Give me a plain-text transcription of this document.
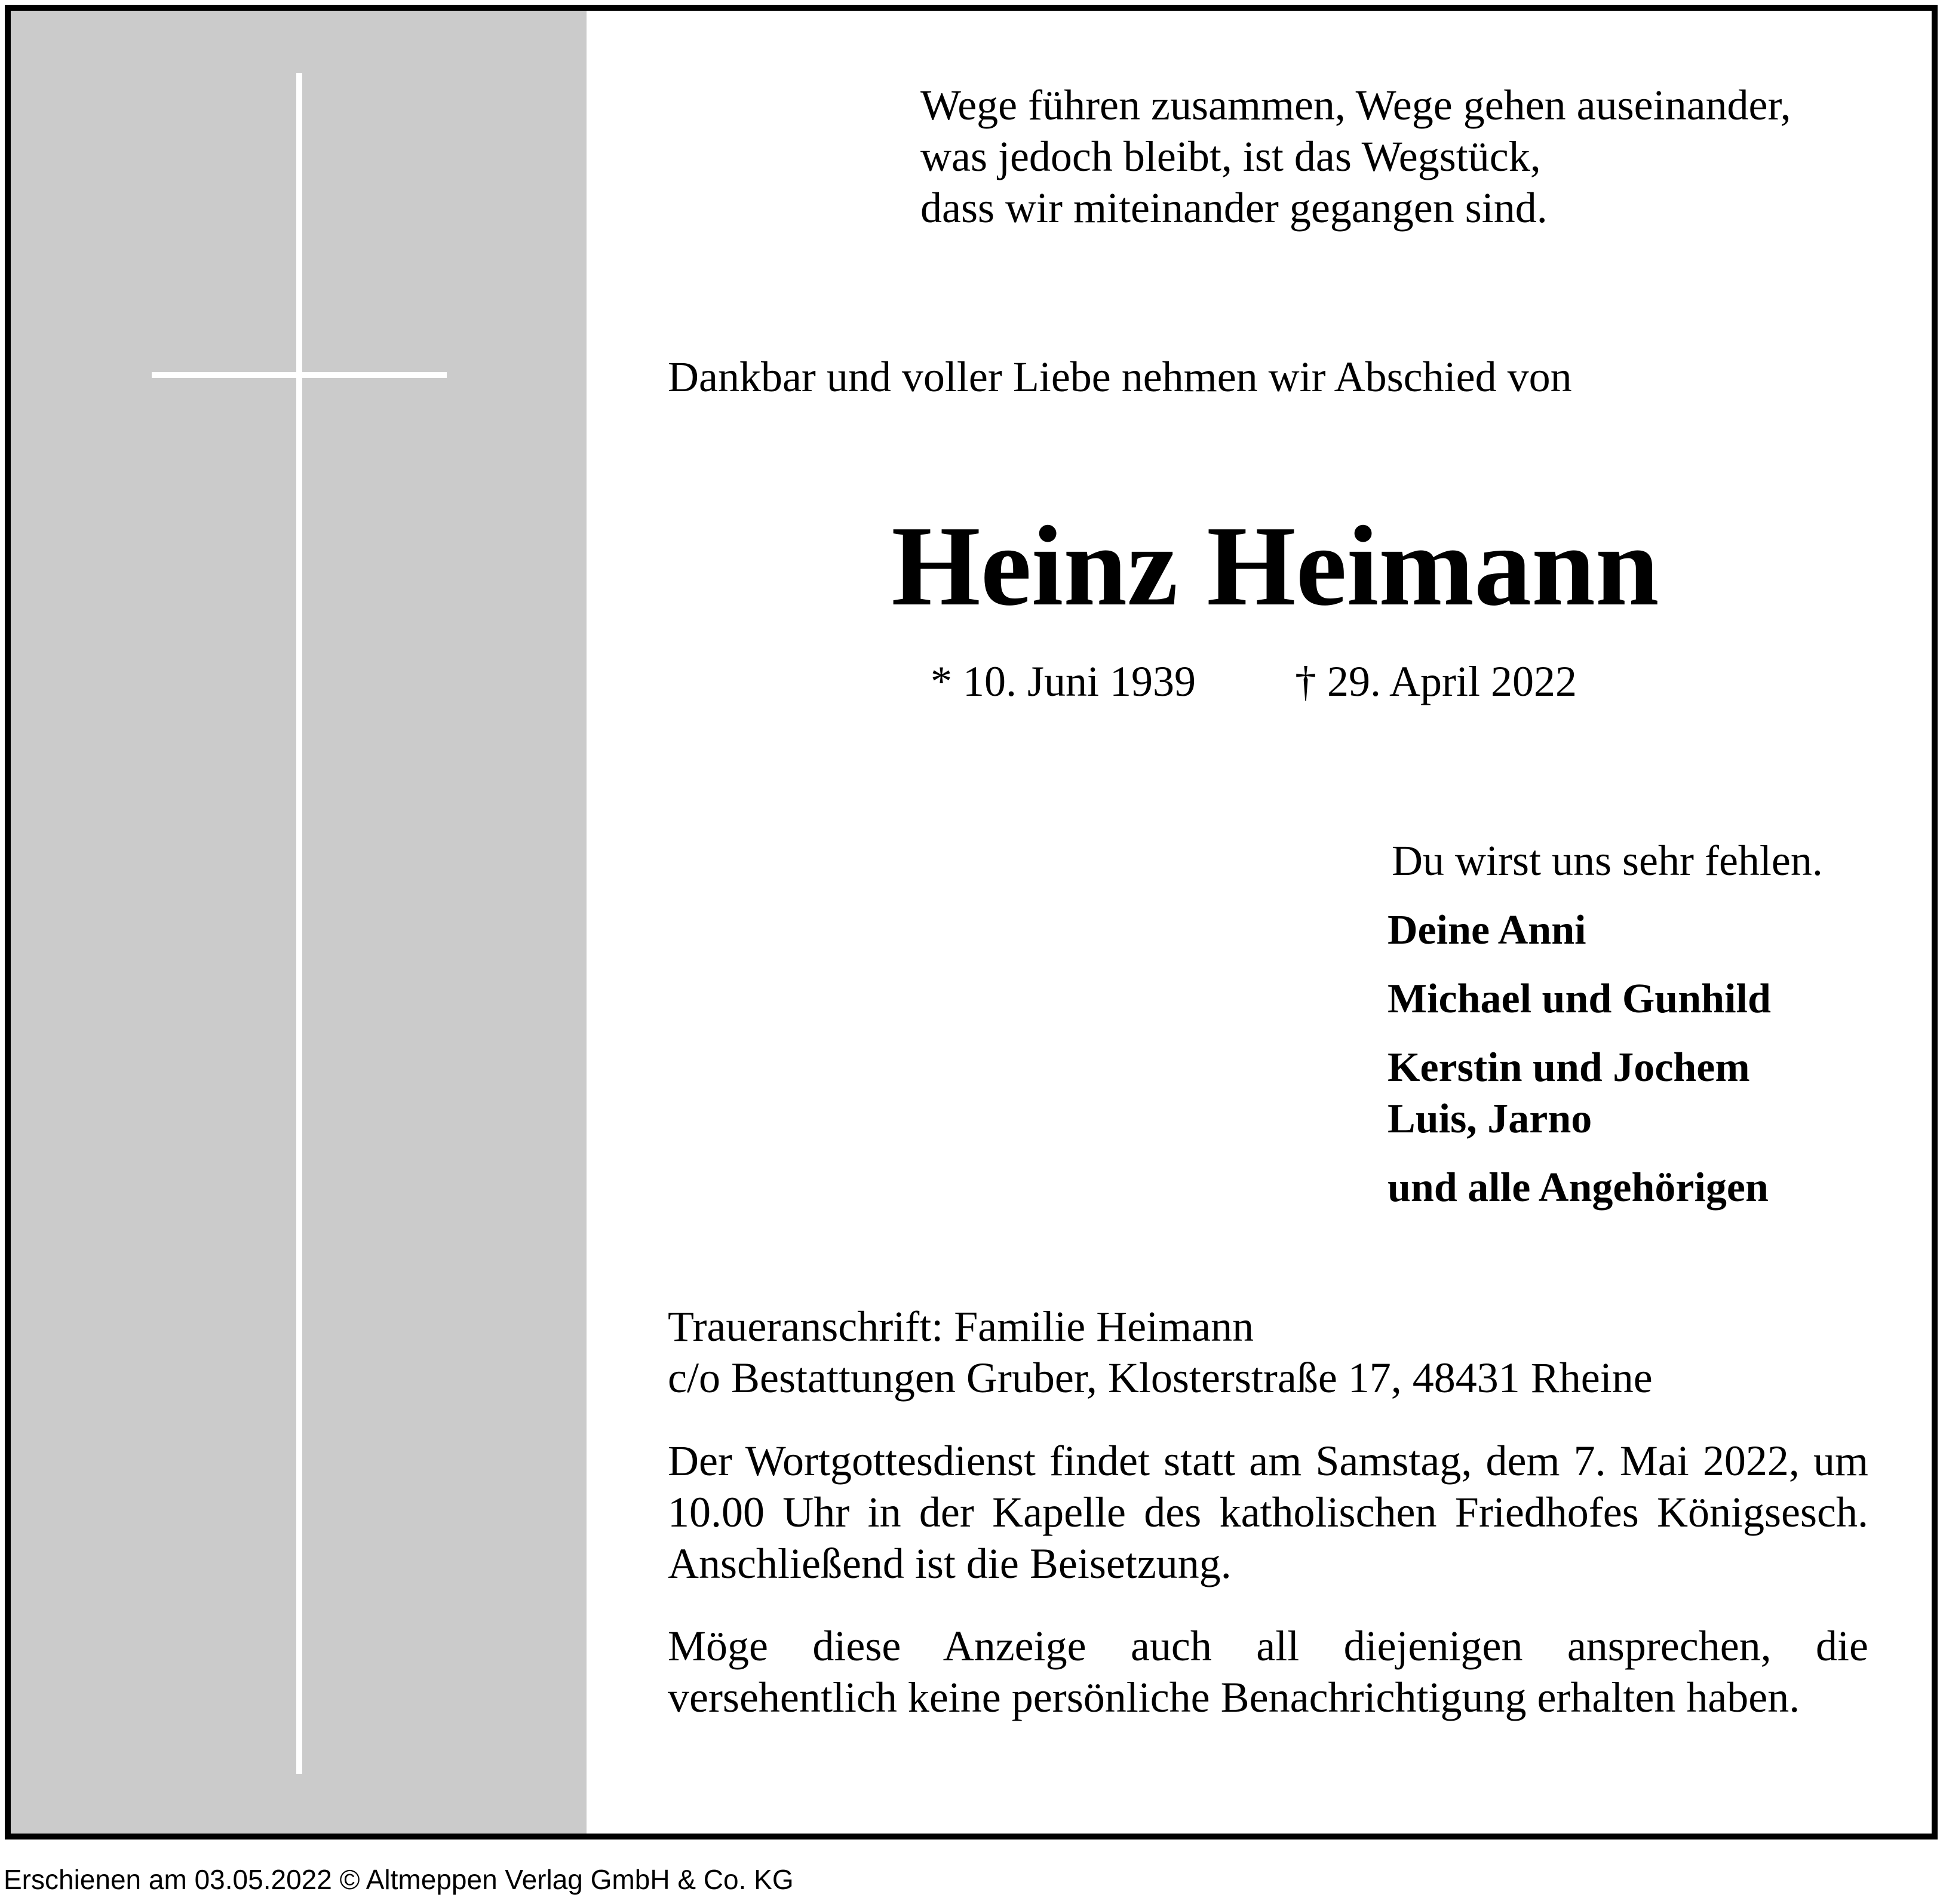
Wege führen zusammen, Wege gehen auseinander,
was jedoch bleibt, ist das Wegstück,
dass wir miteinander gegangen sind.
Dankbar und voller Liebe nehmen wir Abschied von
Heinz Heimann
* 10. Juni 1939 † 29. April 2022
Du wirst uns sehr fehlen.
Deine Anni
Michael und Gunhild
Kerstin und Jochem
Luis, Jarno
und alle Angehörigen
Traueranschrift: Familie Heimann
c/o Bestattungen Gruber, Klosterstraße 17, 48431 Rheine
Der Wortgottesdienst findet statt am Samstag, dem 7. Mai 2022, um 10.00 Uhr in der Kapelle des katholischen Friedhofes Königsesch. Anschließend ist die Beisetzung.
Möge diese Anzeige auch all diejenigen ansprechen, die versehentlich keine persönliche Benachrichtigung erhalten haben.
Erschienen am 03.05.2022 © Altmeppen Verlag GmbH & Co. KG
